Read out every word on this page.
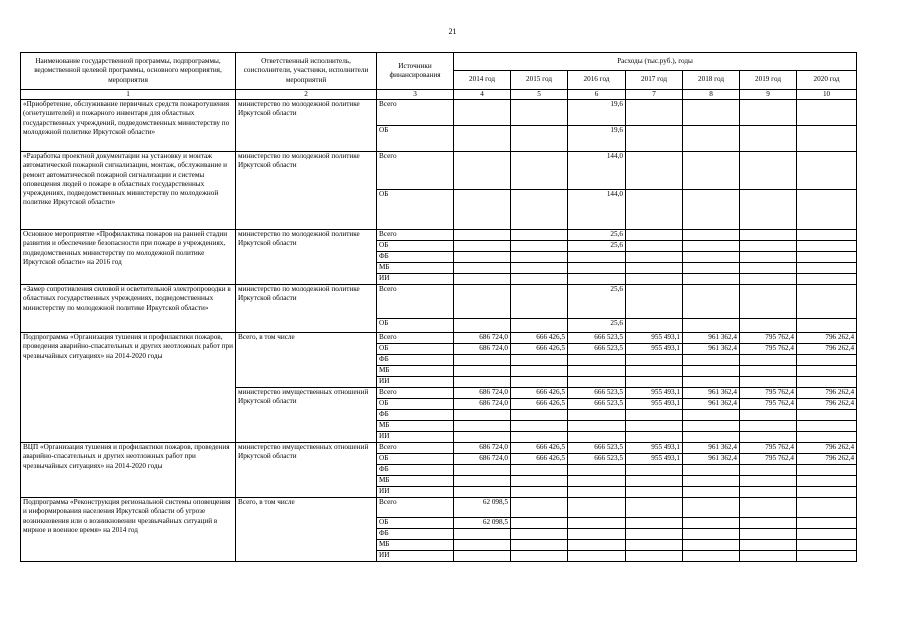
21
Наименование государственной программы, подпрограммы, ведомственной целевой программы, основного мероприятия, мероприятия	Ответственный исполнитель, соисполнители, участники, исполнители мероприятий	Источники финансирования	Расходы (тыс.руб.), годы						
			2014 год	2015 год	2016 год	2017 год	2018 год	2019 год	2020 год
1	2	3	4	5	6	7	8	9	10
«Приобретение, обслуживание первичных средств пожаротушения (огнетушителей) и пожарного инвентаря для областных государственных учреждений, подведомственных министерству по молодежной политике Иркутской области»	министерство по молодежной политике Иркутской области	Всего			19,6				
		ОБ			19,6				
«Разработка проектной документации на установку и монтаж автоматической пожарной сигнализации, монтаж, обслуживание и ремонт автоматической пожарной сигнализации и системы оповещения людей о пожаре в областных государственных учреждениях, подведомственных министерству по молодежной политике Иркутской области»	министерство по молодежной политике Иркутской области	Всего			144,0				
		ОБ			144,0				
Основное мероприятие «Профилактика пожаров на ранней стадии развития и обеспечение безопасности при пожаре в учреждениях, подведомственных министерству по молодежной политике Иркутской области» на 2016 год	министерство по молодежной политике Иркутской области	Всего			25,6				
		ОБ			25,6				
		ФБ							
		МБ							
		ИИ							
«Замер сопротивления силовой и осветительной электропроводки в областных государственных учреждениях, подведомственных министерству по молодежной политике Иркутской области»	министерство по молодежной политике Иркутской области	Всего			25,6				
		ОБ			25,6				
Подпрограмма «Организация тушения и профилактики пожаров, проведения аварийно-спасательных и других неотложных работ при чрезвычайных ситуациях» на 2014-2020 годы	Всего, в том числе	Всего	686 724,0	666 426,5	666 523,5	955 493,1	961 362,4	795 762,4	796 262,4
		ОБ	686 724,0	666 426,5	666 523,5	955 493,1	961 362,4	795 762,4	796 262,4
		ФБ							
		МБ							
		ИИ							
	министерство имущественных отношений Иркутской области	Всего	686 724,0	666 426,5	666 523,5	955 493,1	961 362,4	795 762,4	796 262,4
		ОБ	686 724,0	666 426,5	666 523,5	955 493,1	961 362,4	795 762,4	796 262,4
		ФБ							
		МБ							
		ИИ							
ВЦП «Организация тушения и профилактики пожаров, проведения аварийно-спасательных и других неотложных работ при чрезвычайных ситуациях» на 2014-2020 годы	министерство имущественных отношений Иркутской области	Всего	686 724,0	666 426,5	666 523,5	955 493,1	961 362,4	795 762,4	796 262,4
		ОБ	686 724,0	666 426,5	666 523,5	955 493,1	961 362,4	795 762,4	796 262,4
		ФБ							
		МБ							
		ИИ							
Подпрограмма «Реконструкция региональной системы оповещения и информирования населения Иркутской области об угрозе возникновения или о возникновении чрезвычайных ситуаций в мирное и военное время» на 2014 год	Всего, в том числе	Всего	62 098,5						
		ОБ	62 098,5						
		ФБ							
		МБ							
		ИИ							
